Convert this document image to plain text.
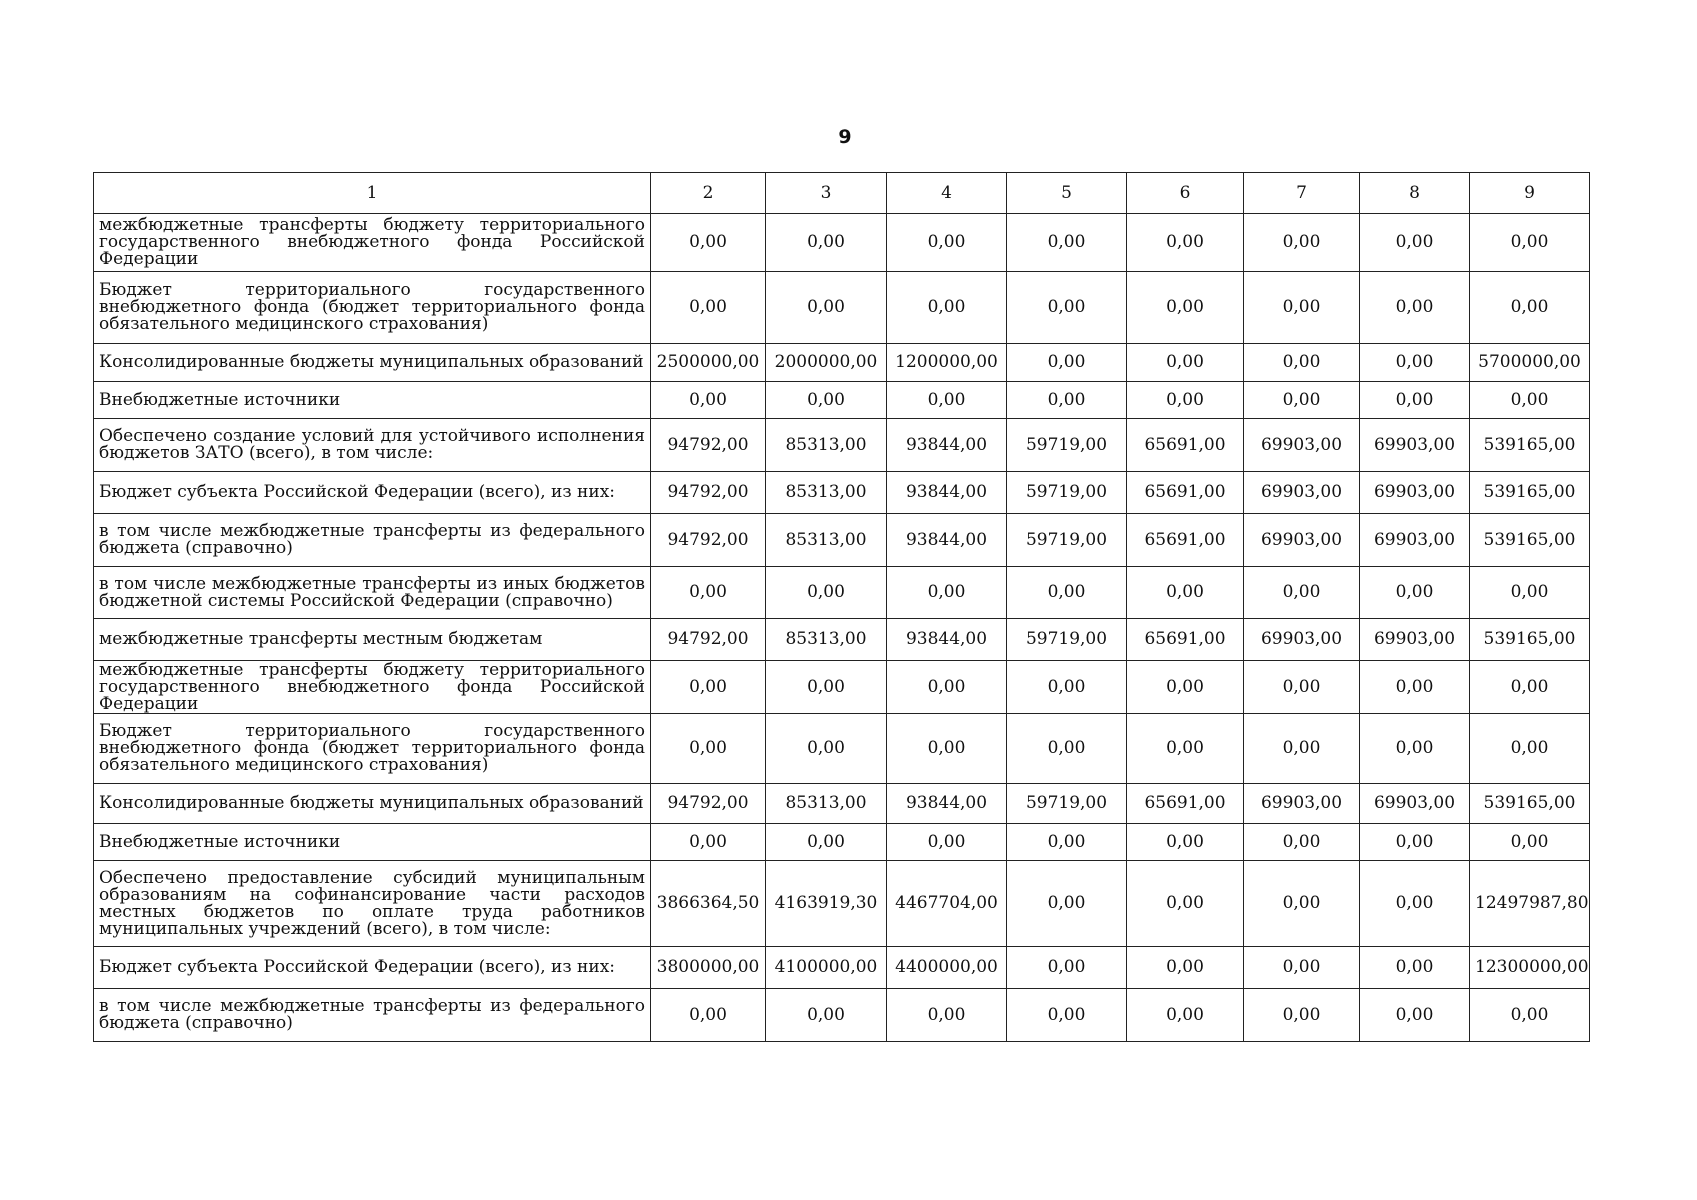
9
1	2	3	4	5	6	7	8	9
межбюджетные трансферты бюджету территориального государственного внебюджетного фонда Российской Федерации	0,00	0,00	0,00	0,00	0,00	0,00	0,00	0,00
Бюджет территориального государственного внебюджетного фонда (бюджет территориального фонда обязательного медицинского страхования)	0,00	0,00	0,00	0,00	0,00	0,00	0,00	0,00
Консолидированные бюджеты муниципальных образований	2500000,00	2000000,00	1200000,00	0,00	0,00	0,00	0,00	5700000,00
Внебюджетные источники	0,00	0,00	0,00	0,00	0,00	0,00	0,00	0,00
Обеспечено создание условий для устойчивого исполнения бюджетов ЗАТО (всего), в том числе:	94792,00	85313,00	93844,00	59719,00	65691,00	69903,00	69903,00	539165,00
Бюджет субъекта Российской Федерации (всего), из них:	94792,00	85313,00	93844,00	59719,00	65691,00	69903,00	69903,00	539165,00
в том числе межбюджетные трансферты из федерального бюджета (справочно)	94792,00	85313,00	93844,00	59719,00	65691,00	69903,00	69903,00	539165,00
в том числе межбюджетные трансферты из иных бюджетов бюджетной системы Российской Федерации (справочно)	0,00	0,00	0,00	0,00	0,00	0,00	0,00	0,00
межбюджетные трансферты местным бюджетам	94792,00	85313,00	93844,00	59719,00	65691,00	69903,00	69903,00	539165,00
межбюджетные трансферты бюджету территориального государственного внебюджетного фонда Российской Федерации	0,00	0,00	0,00	0,00	0,00	0,00	0,00	0,00
Бюджет территориального государственного внебюджетного фонда (бюджет территориального фонда обязательного медицинского страхования)	0,00	0,00	0,00	0,00	0,00	0,00	0,00	0,00
Консолидированные бюджеты муниципальных образований	94792,00	85313,00	93844,00	59719,00	65691,00	69903,00	69903,00	539165,00
Внебюджетные источники	0,00	0,00	0,00	0,00	0,00	0,00	0,00	0,00
Обеспечено предоставление субсидий муниципальным образованиям на софинансирование части расходов местных бюджетов по оплате труда работников муниципальных учреждений (всего), в том числе:	3866364,50	4163919,30	4467704,00	0,00	0,00	0,00	0,00	12497987,80
Бюджет субъекта Российской Федерации (всего), из них:	3800000,00	4100000,00	4400000,00	0,00	0,00	0,00	0,00	12300000,00
в том числе межбюджетные трансферты из федерального бюджета (справочно)	0,00	0,00	0,00	0,00	0,00	0,00	0,00	0,00
